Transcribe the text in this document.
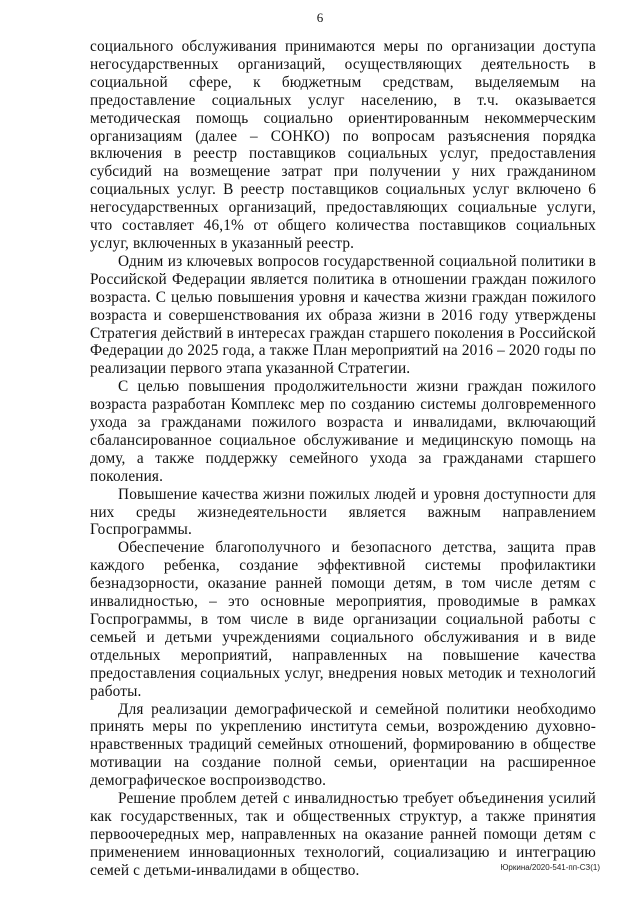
6

социального обслуживания принимаются меры по организации доступа негосударственных организаций, осуществляющих деятельность в социальной сфере, к бюджетным средствам, выделяемым на предоставление социальных услуг населению, в т.ч. оказывается методическая помощь социально ориентированным некоммерческим организациям (далее – СОНКО) по вопросам разъяснения порядка включения в реестр поставщиков социальных услуг, предоставления субсидий на возмещение затрат при получении у них гражданином социальных услуг. В реестр поставщиков социальных услуг включено 6 негосударственных организаций, предоставляющих социальные услуги, что составляет 46,1% от общего количества поставщиков социальных услуг, включенных в указанный реестр.

Одним из ключевых вопросов государственной социальной политики в Российской Федерации является политика в отношении граждан пожилого возраста. С целью повышения уровня и качества жизни граждан пожилого возраста и совершенствования их образа жизни в 2016 году утверждены Стратегия действий в интересах граждан старшего поколения в Российской Федерации до 2025 года, а также План мероприятий на 2016 – 2020 годы по реализации первого этапа указанной Стратегии.

С целью повышения продолжительности жизни граждан пожилого возраста разработан Комплекс мер по созданию системы долговременного ухода за гражданами пожилого возраста и инвалидами, включающий сбалансированное социальное обслуживание и медицинскую помощь на дому, а также поддержку семейного ухода за гражданами старшего поколения.

Повышение качества жизни пожилых людей и уровня доступности для них среды жизнедеятельности является важным направлением Госпрограммы.

Обеспечение благополучного и безопасного детства, защита прав каждого ребенка, создание эффективной системы профилактики безнадзорности, оказание ранней помощи детям, в том числе детям с инвалидностью, – это основные мероприятия, проводимые в рамках Госпрограммы, в том числе в виде организации социальной работы с семьей и детьми учреждениями социального обслуживания и в виде отдельных мероприятий, направленных на повышение качества предоставления социальных услуг, внедрения новых методик и технологий работы.

Для реализации демографической и семейной политики необходимо принять меры по укреплению института семьи, возрождению духовно-нравственных традиций семейных отношений, формированию в обществе мотивации на создание полной семьи, ориентации на расширенное демографическое воспроизводство.

Решение проблем детей с инвалидностью требует объединения усилий как государственных, так и общественных структур, а также принятия первоочередных мер, направленных на оказание ранней помощи детям с применением инновационных технологий, социализацию и интеграцию семей с детьми-инвалидами в общество.	Юркина/2020-541-пп-СЗ(1)
